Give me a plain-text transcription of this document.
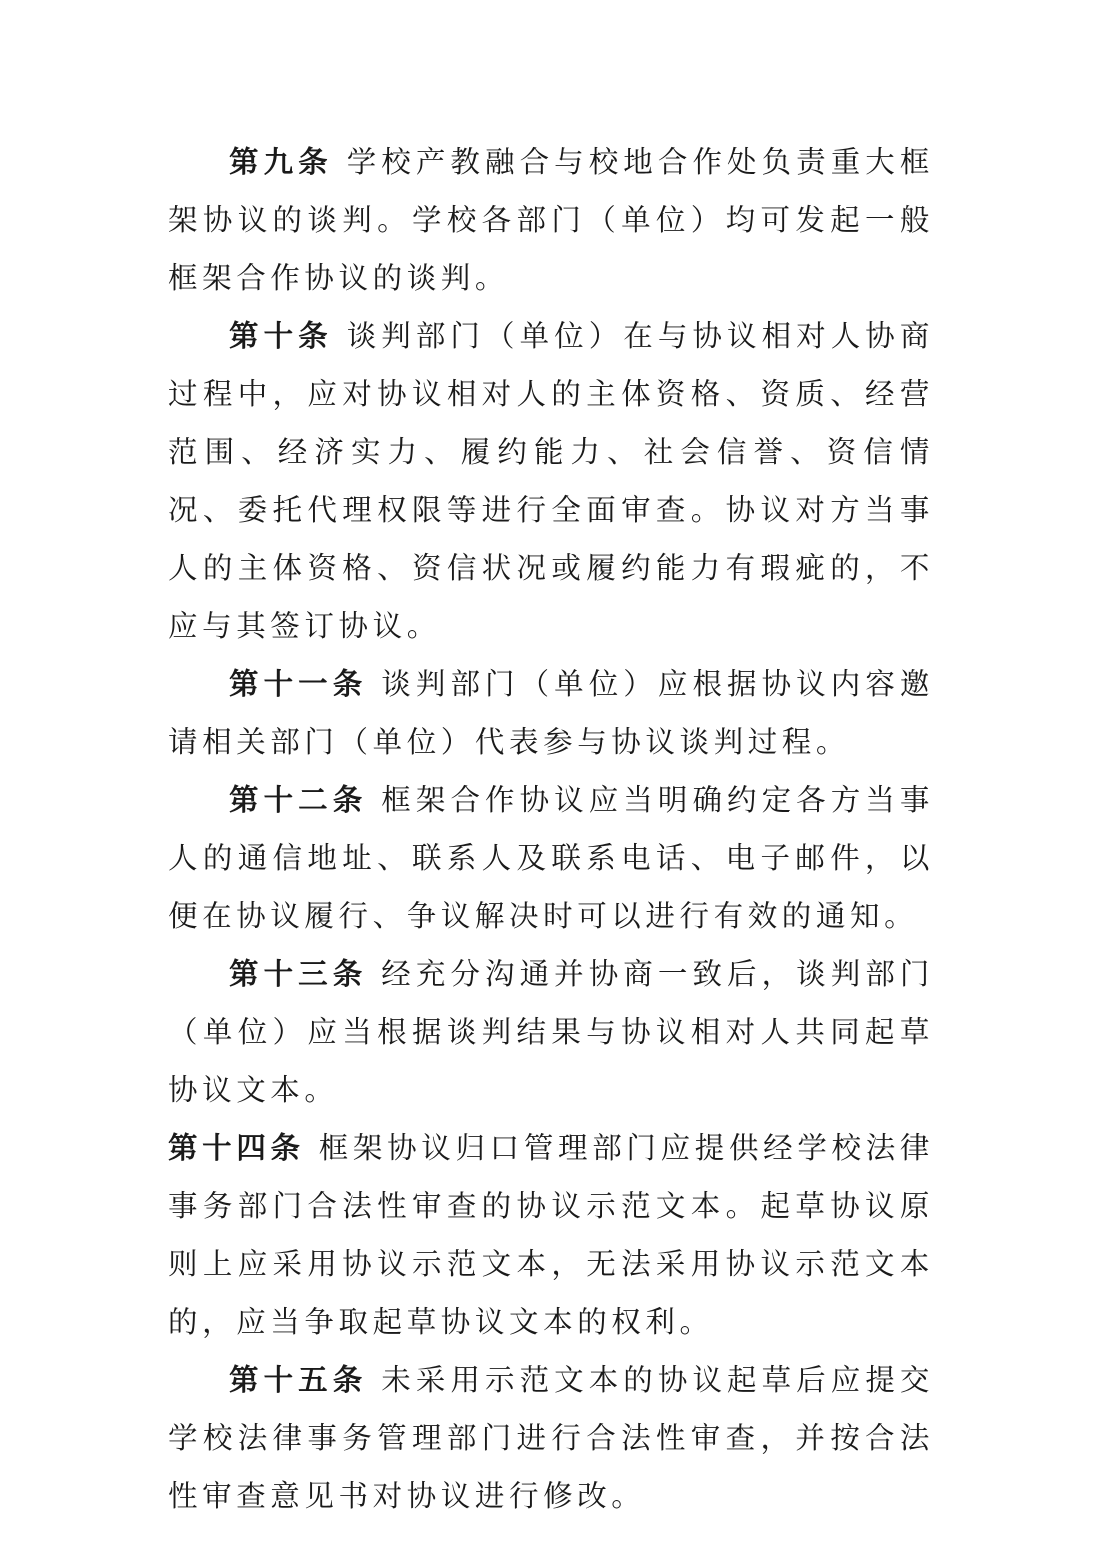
第九条 学校产教融合与校地合作处负责重大框架协议的谈判。学校各部门（单位）均可发起一般框架合作协议的谈判。

第十条 谈判部门（单位）在与协议相对人协商过程中，应对协议相对人的主体资格、资质、经营范围、经济实力、履约能力、社会信誉、资信情况、委托代理权限等进行全面审查。协议对方当事人的主体资格、资信状况或履约能力有瑕疵的，不应与其签订协议。

第十一条 谈判部门（单位）应根据协议内容邀请相关部门（单位）代表参与协议谈判过程。

第十二条 框架合作协议应当明确约定各方当事人的通信地址、联系人及联系电话、电子邮件，以便在协议履行、争议解决时可以进行有效的通知。

第十三条 经充分沟通并协商一致后，谈判部门（单位）应当根据谈判结果与协议相对人共同起草协议文本。

第十四条 框架协议归口管理部门应提供经学校法律事务部门合法性审查的协议示范文本。起草协议原则上应采用协议示范文本，无法采用协议示范文本的，应当争取起草协议文本的权利。

第十五条 未采用示范文本的协议起草后应提交学校法律事务管理部门进行合法性审查，并按合法性审查意见书对协议进行修改。
